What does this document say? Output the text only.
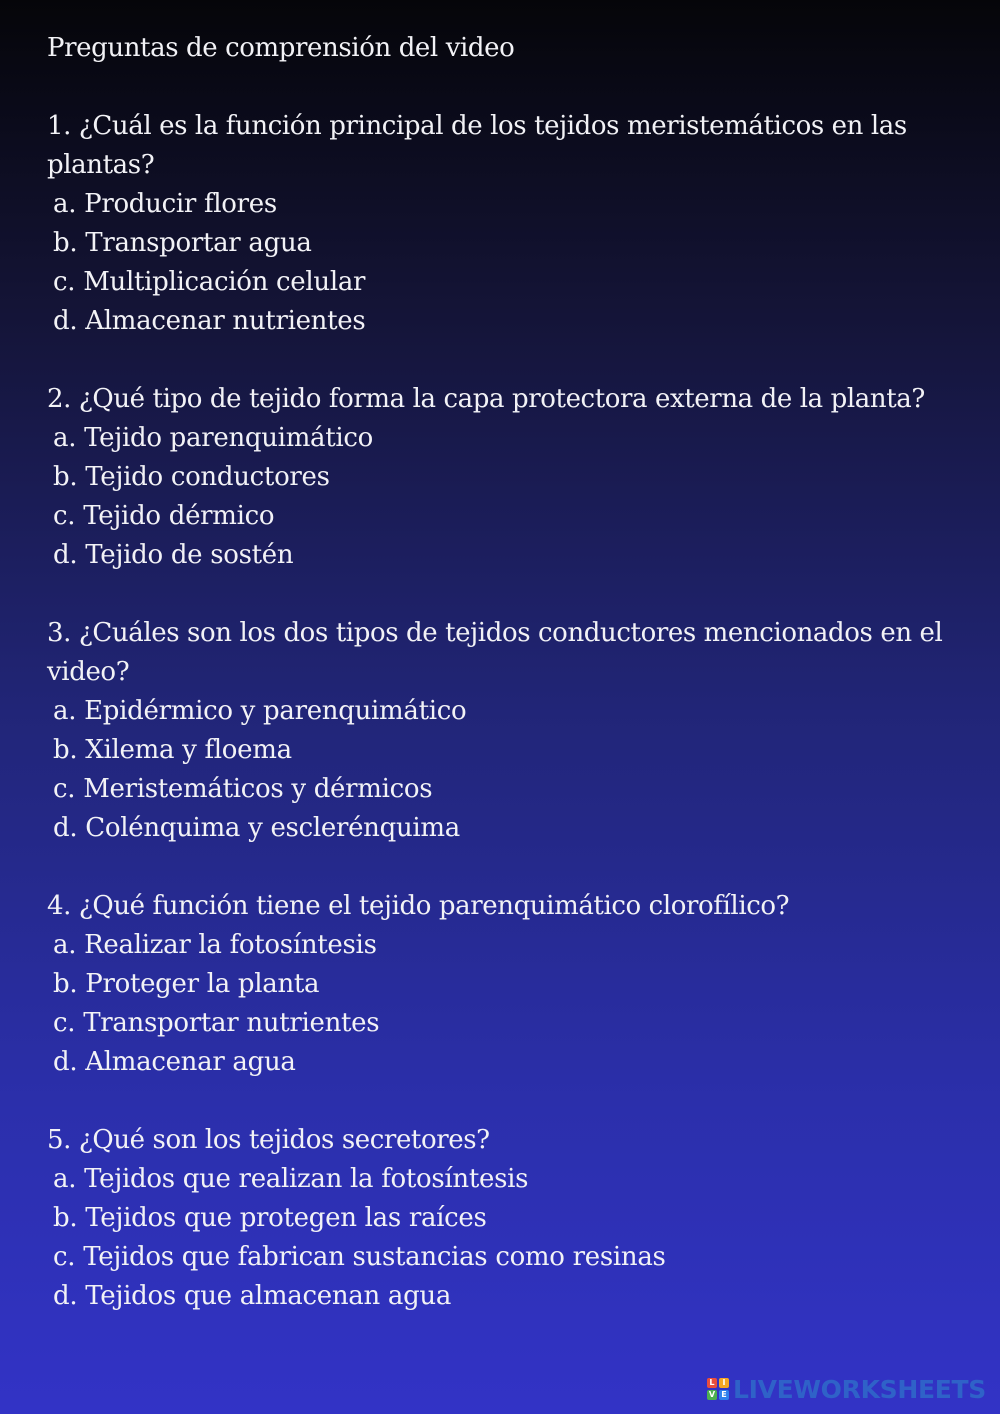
Preguntas de comprensión del video
1. ¿Cuál es la función principal de los tejidos meristemáticos en las plantas?
a. Producir flores
b. Transportar agua
c. Multiplicación celular
d. Almacenar nutrientes
2. ¿Qué tipo de tejido forma la capa protectora externa de la planta?
a. Tejido parenquimático
b. Tejido conductores
c. Tejido dérmico
d. Tejido de sostén
3. ¿Cuáles son los dos tipos de tejidos conductores mencionados en el video?
a. Epidérmico y parenquimático
b. Xilema y floema
c. Meristemáticos y dérmicos
d. Colénquima y esclerénquima
4. ¿Qué función tiene el tejido parenquimático clorofílico?
a. Realizar la fotosíntesis
b. Proteger la planta
c. Transportar nutrientes
d. Almacenar agua
5. ¿Qué son los tejidos secretores?
a. Tejidos que realizan la fotosíntesis
b. Tejidos que protegen las raíces
c. Tejidos que fabrican sustancias como resinas
d. Tejidos que almacenan agua
L I
V E LIVEWORKSHEETS
